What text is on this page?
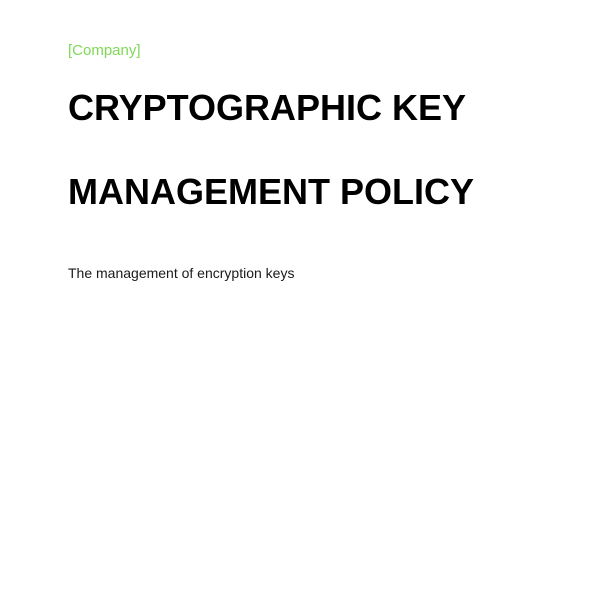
[Company]
CRYPTOGRAPHIC KEY
MANAGEMENT POLICY
The management of encryption keys
